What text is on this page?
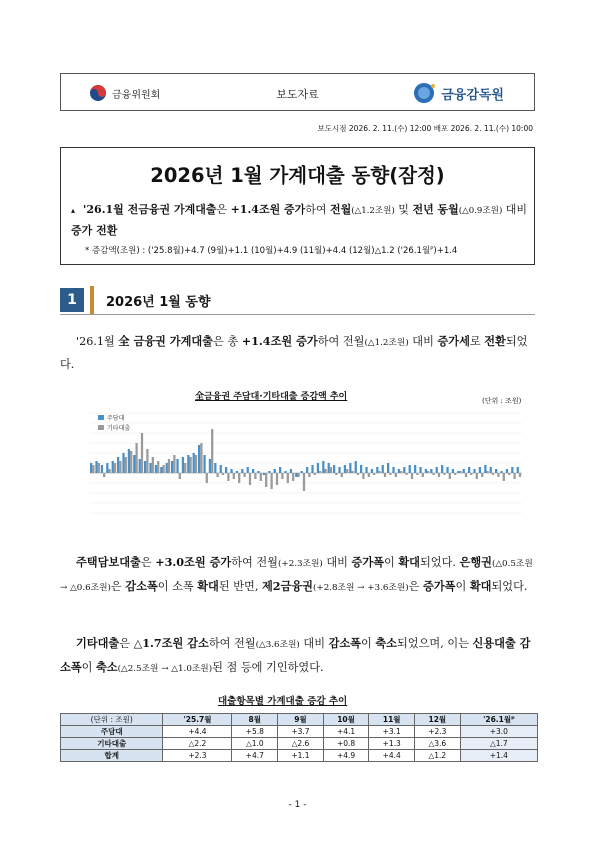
금융위원회	보도자료	금융감독원
보도시점 2026. 2. 11.(수) 12:00 배포 2026. 2. 11.(수) 10:00
2026년 1월 가계대출 동향(잠정)
▴ '26.1월 전금융권 가계대출은 +1.4조원 증가하여 전월(△1.2조원) 및 전년 동월(△0.9조원) 대비 증가 전환
* 증감액(조원) : ('25.8월)+4.7 (9월)+1.1 (10월)+4.9 (11월)+4.4 (12월)△1.2 ('26.1월ᴾ)+1.4
1	2026년 1월 동향
'26.1월 全 금융권 가계대출은 총 +1.4조원 증가하여 전월(△1.2조원) 대비 증가세로 전환되었다.
全금융권 주담대·기타대출 증감액 추이	(단위 : 조원)
주담대
기타대출
주택담보대출은 +3.0조원 증가하여 전월(+2.3조원) 대비 증가폭이 확대되었다. 은행권(△0.5조원 → △0.6조원)은 감소폭이 소폭 확대된 반면, 제2금융권(+2.8조원 → +3.6조원)은 증가폭이 확대되었다.
기타대출은 △1.7조원 감소하여 전월(△3.6조원) 대비 감소폭이 축소되었으며, 이는 신용대출 감소폭이 축소(△2.5조원 → △1.0조원)된 점 등에 기인하였다.
대출항목별 가계대출 증감 추이
(단위 : 조원)	'25.7월	8월	9월	10월	11월	12월	'26.1월ᴾ
주담대	+4.4	+5.8	+3.7	+4.1	+3.1	+2.3	+3.0
기타대출	△2.2	△1.0	△2.6	+0.8	+1.3	△3.6	△1.7
합계	+2.3	+4.7	+1.1	+4.9	+4.4	△1.2	+1.4
- 1 -
